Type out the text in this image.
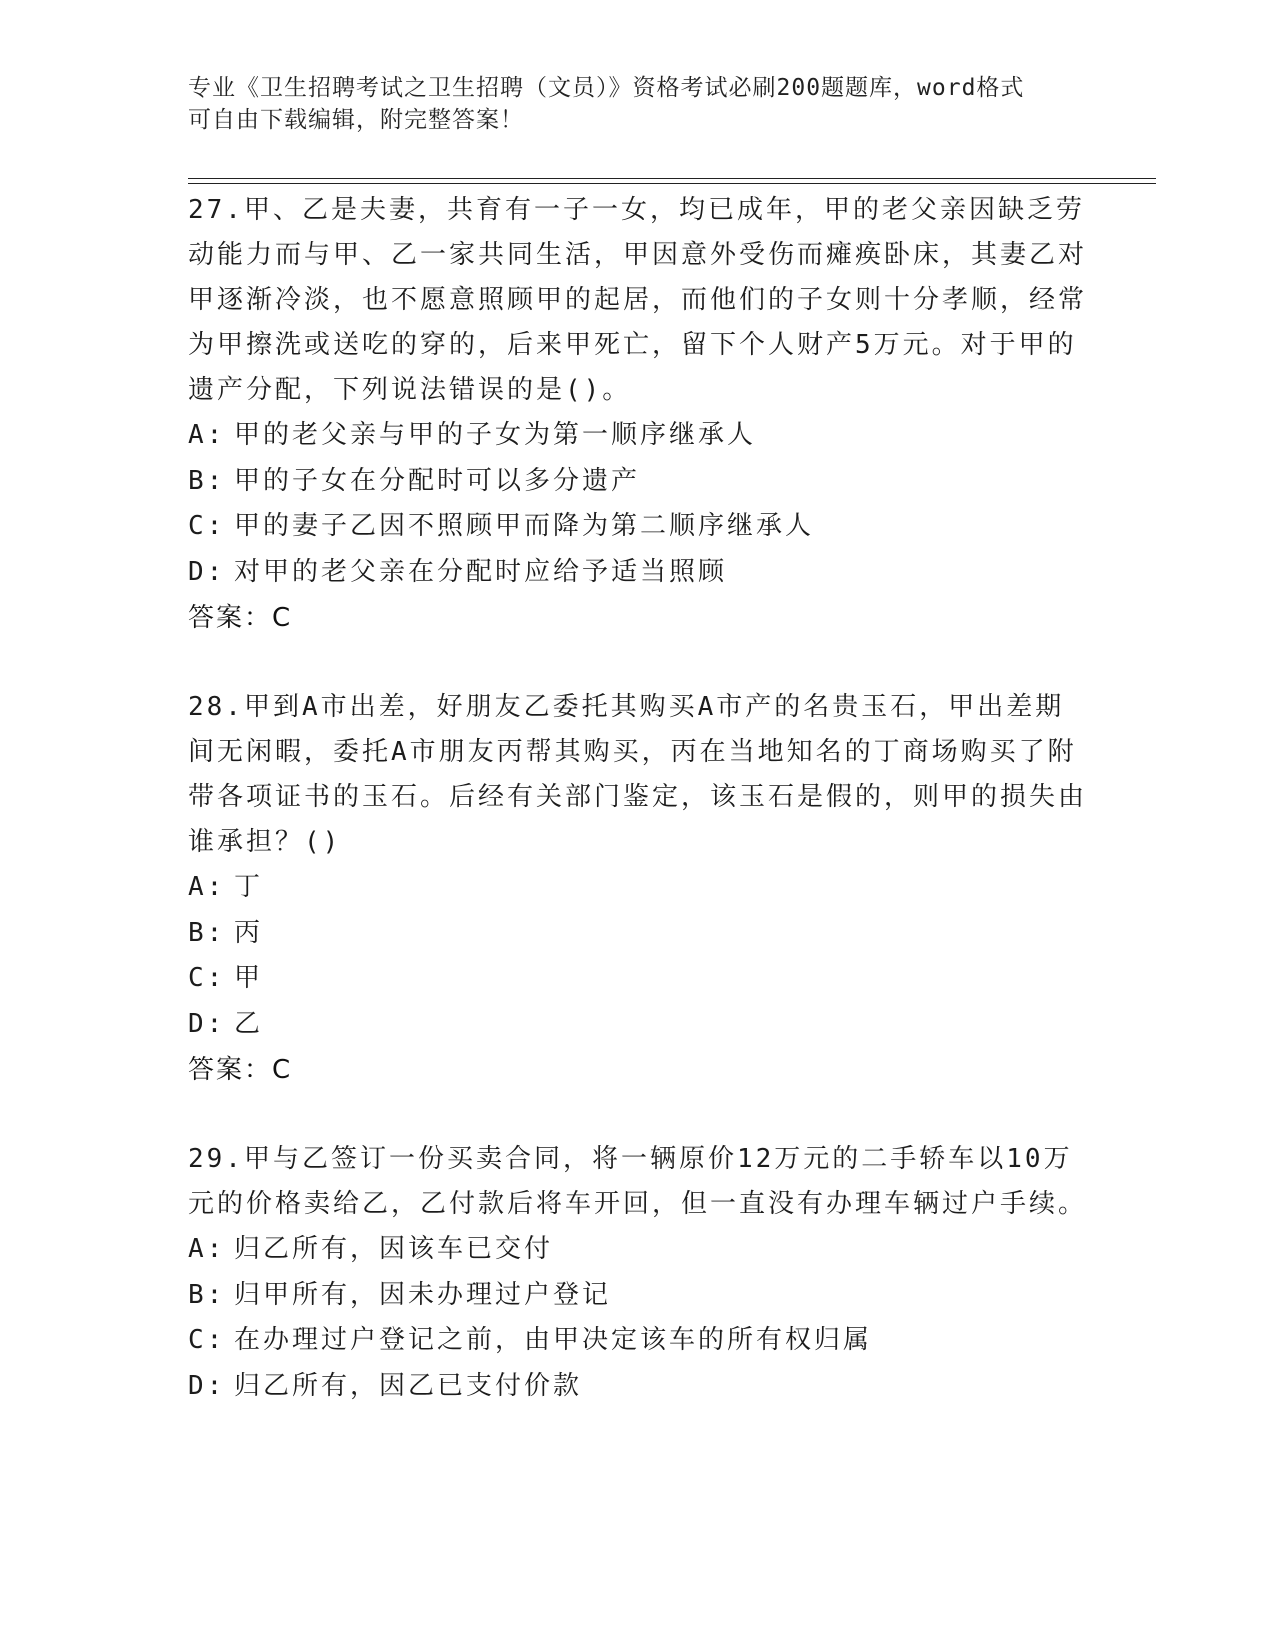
专业《卫生招聘考试之卫生招聘（文员）》资格考试必刷200题题库，word格式
可自由下载编辑，附完整答案！

27.甲、乙是夫妻，共育有一子一女，均已成年，甲的老父亲因缺乏劳动能力而与甲、乙一家共同生活，甲因意外受伤而瘫痪卧床，其妻乙对甲逐渐冷淡，也不愿意照顾甲的起居，而他们的子女则十分孝顺，经常为甲擦洗或送吃的穿的，后来甲死亡，留下个人财产5万元。对于甲的遗产分配，下列说法错误的是()。

A: 甲的老父亲与甲的子女为第一顺序继承人
B: 甲的子女在分配时可以多分遗产
C: 甲的妻子乙因不照顾甲而降为第二顺序继承人
D: 对甲的老父亲在分配时应给予适当照顾
答案：C

28.甲到A市出差，好朋友乙委托其购买A市产的名贵玉石，甲出差期间无闲暇，委托A市朋友丙帮其购买，丙在当地知名的丁商场购买了附带各项证书的玉石。后经有关部门鉴定，该玉石是假的，则甲的损失由谁承担？()

A: 丁
B: 丙
C: 甲
D: 乙
答案：C

29.甲与乙签订一份买卖合同，将一辆原价12万元的二手轿车以10万元的价格卖给乙，乙付款后将车开回，但一直没有办理车辆过户手续。

A: 归乙所有，因该车已交付
B: 归甲所有，因未办理过户登记
C: 在办理过户登记之前，由甲决定该车的所有权归属
D: 归乙所有，因乙已支付价款
